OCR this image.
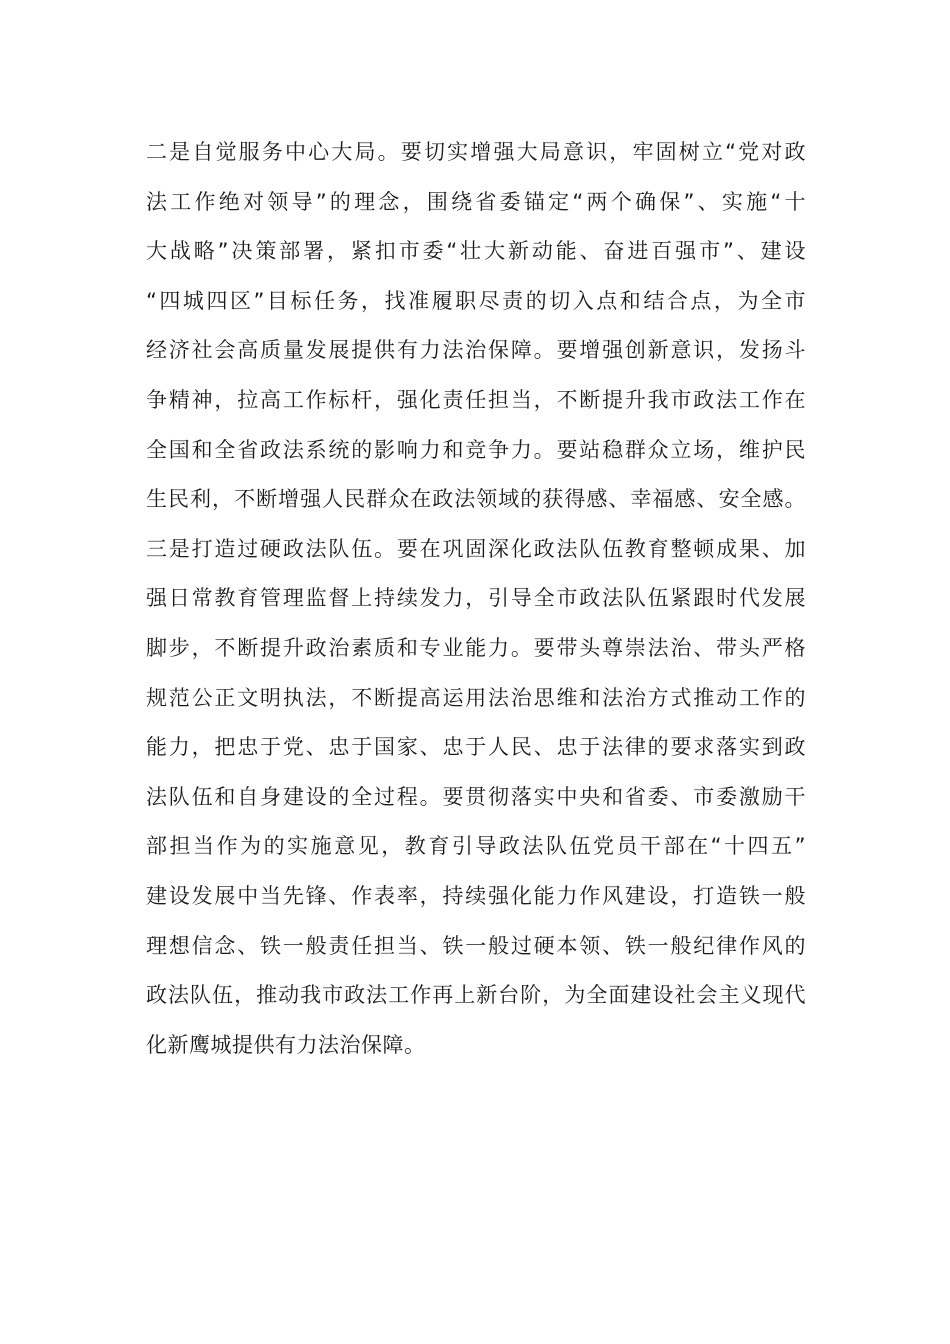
二是自觉服务中心大局。要切实增强大局意识，牢固树立“党对政
法工作绝对领导”的理念，围绕省委锚定“两个确保”、实施“十
大战略”决策部署，紧扣市委“壮大新动能、奋进百强市”、建设
“四城四区”目标任务，找准履职尽责的切入点和结合点，为全市
经济社会高质量发展提供有力法治保障。要增强创新意识，发扬斗
争精神，拉高工作标杆，强化责任担当，不断提升我市政法工作在
全国和全省政法系统的影响力和竞争力。要站稳群众立场，维护民
生民利，不断增强人民群众在政法领域的获得感、幸福感、安全感。
三是打造过硬政法队伍。要在巩固深化政法队伍教育整顿成果、加
强日常教育管理监督上持续发力，引导全市政法队伍紧跟时代发展
脚步，不断提升政治素质和专业能力。要带头尊崇法治、带头严格
规范公正文明执法，不断提高运用法治思维和法治方式推动工作的
能力，把忠于党、忠于国家、忠于人民、忠于法律的要求落实到政
法队伍和自身建设的全过程。要贯彻落实中央和省委、市委激励干
部担当作为的实施意见，教育引导政法队伍党员干部在“十四五”
建设发展中当先锋、作表率，持续强化能力作风建设，打造铁一般
理想信念、铁一般责任担当、铁一般过硬本领、铁一般纪律作风的
政法队伍，推动我市政法工作再上新台阶，为全面建设社会主义现代
化新鹰城提供有力法治保障。
